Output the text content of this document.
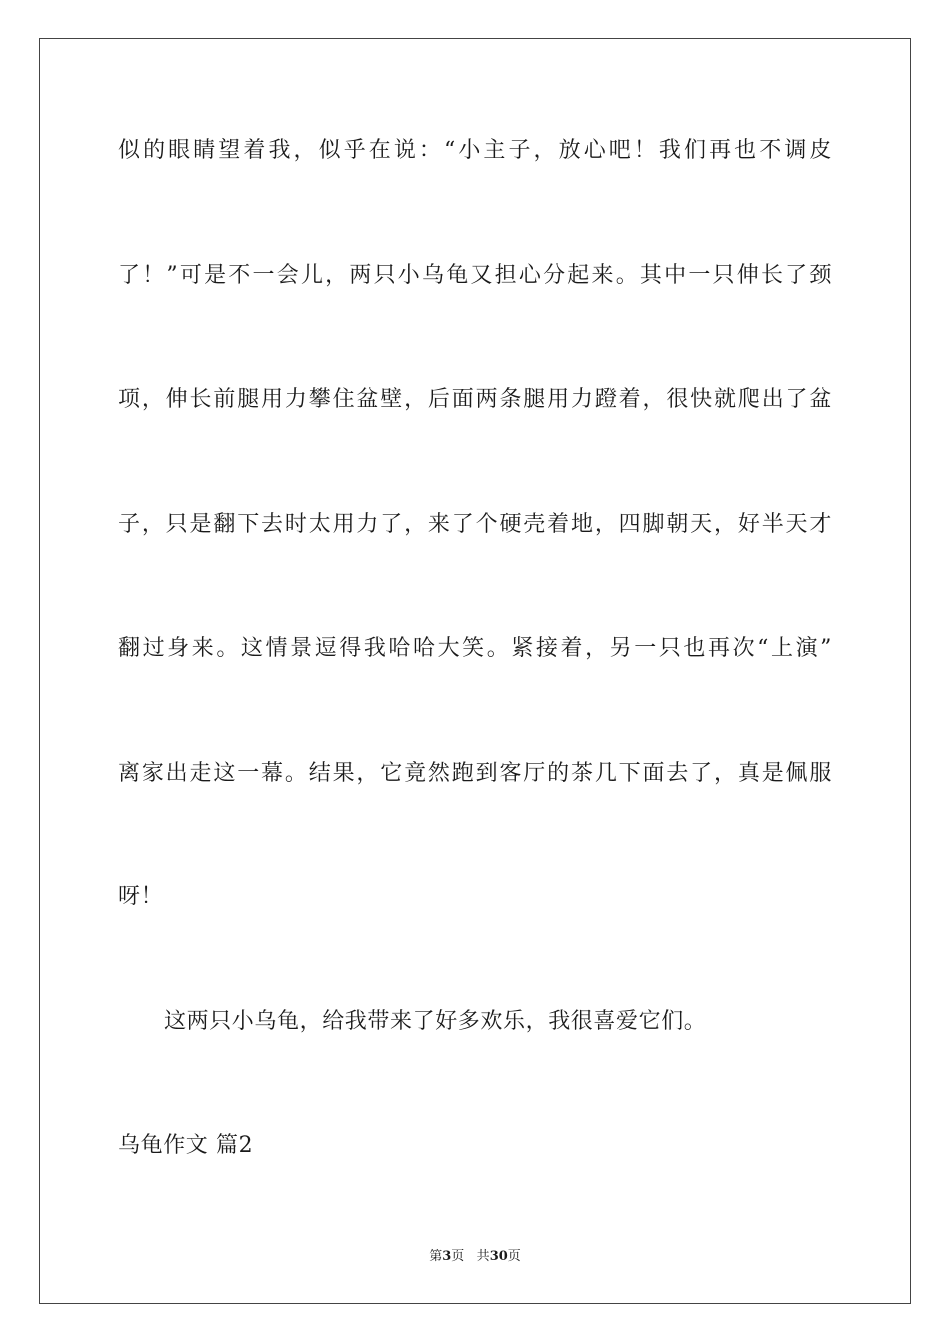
似的眼睛望着我，似乎在说：“小主子，放心吧！我们再也不调皮
了！”可是不一会儿，两只小乌龟又担心分起来。其中一只伸长了颈
项，伸长前腿用力攀住盆壁，后面两条腿用力蹬着，很快就爬出了盆
子，只是翻下去时太用力了，来了个硬壳着地，四脚朝天，好半天才
翻过身来。这情景逗得我哈哈大笑。紧接着，另一只也再次“上演”
离家出走这一幕。结果，它竟然跑到客厅的茶几下面去了，真是佩服
呀！
这两只小乌龟，给我带来了好多欢乐，我很喜爱它们。
乌龟作文 篇2
第3页 共30页
